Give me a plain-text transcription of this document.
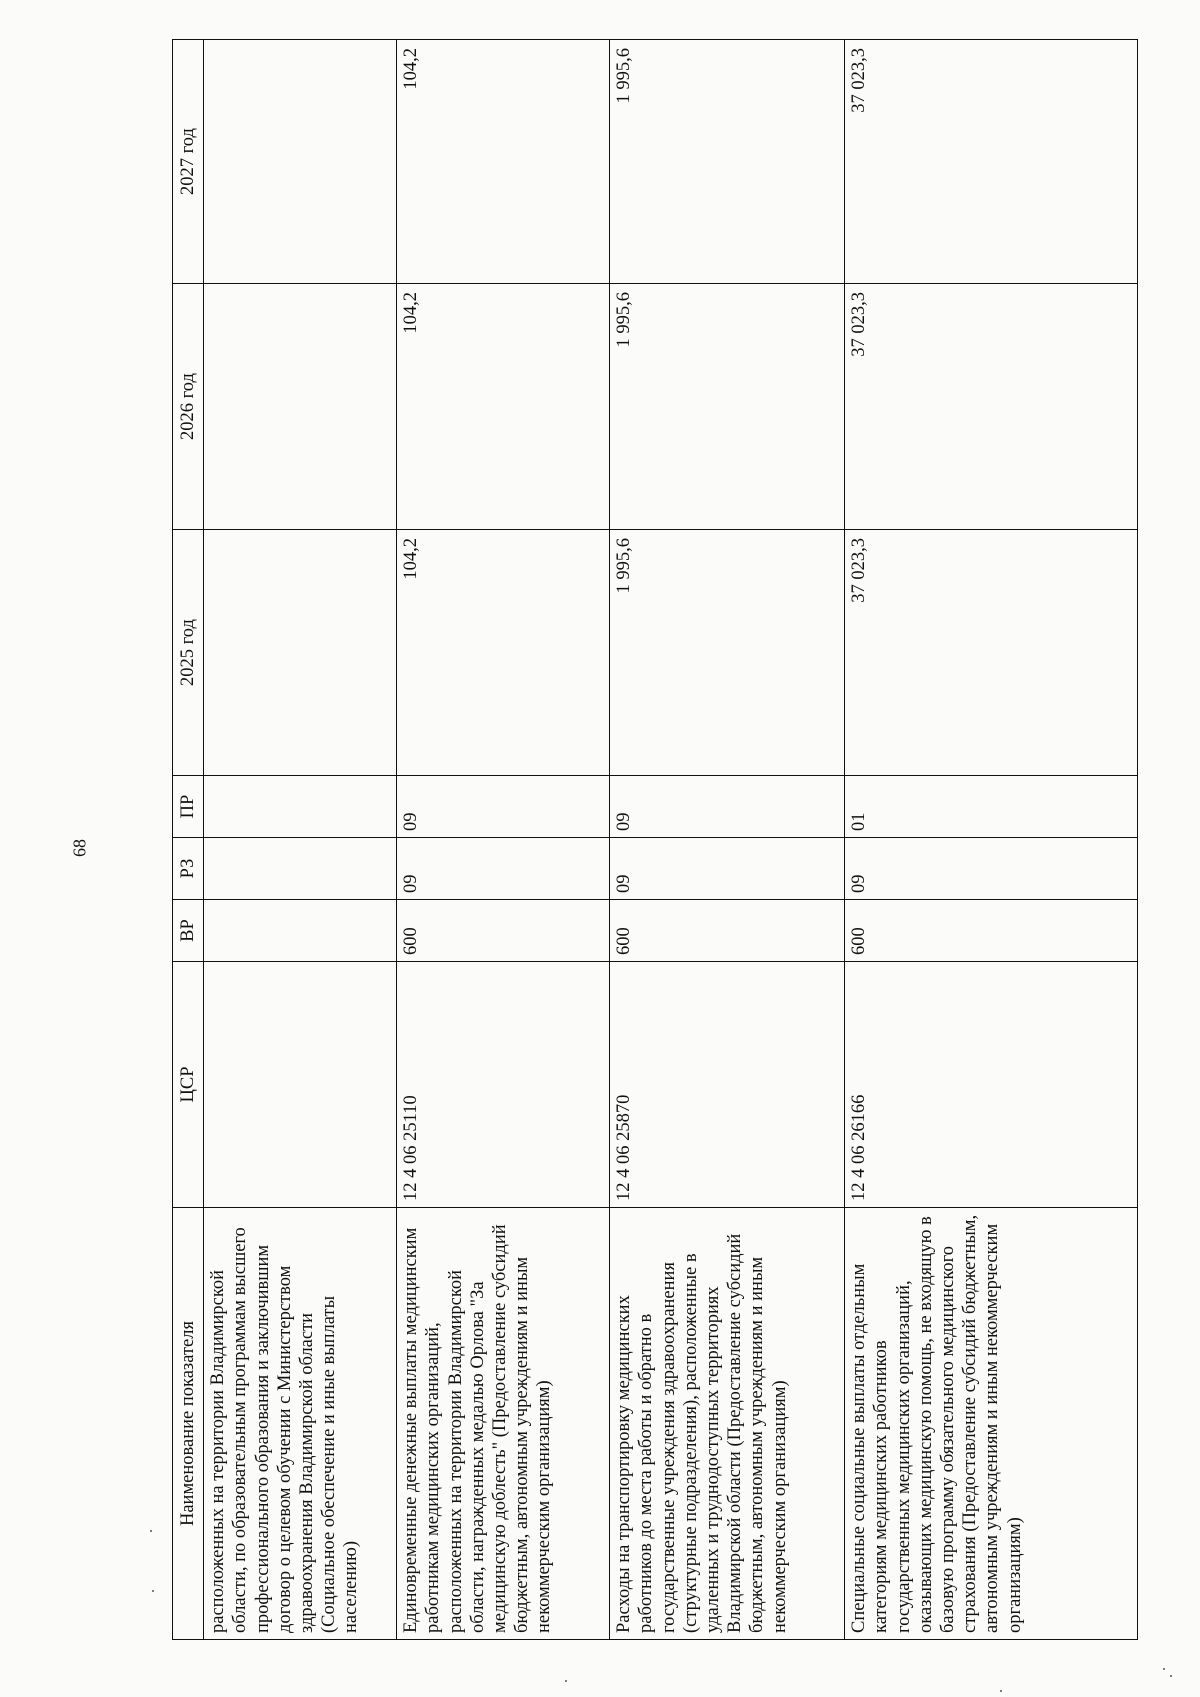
68
Наименование показателя	ЦСР	ВР	РЗ	ПР	2025 год	2026 год	2027 год
расположенных на территории Владимирской области, по образовательным программам высшего профессионального образования и заключившим договор о целевом обучении с Министерством здравоохранения Владимирской области (Социальное обеспечение и иные выплаты населению)							
Единовременные денежные выплаты медицинским работникам медицинских организаций, расположенных на территории Владимирской области, награжденных медалью Орлова "За медицинскую доблесть" (Предоставление субсидий бюджетным, автономным учреждениям и иным некоммерческим организациям)	12 4 06 25110	600	09	09	104,2	104,2	104,2
Расходы на транспортировку медицинских работников до места работы и обратно в государственные учреждения здравоохранения (структурные подразделения), расположенные в удаленных и труднодоступных территориях Владимирской области (Предоставление субсидий бюджетным, автономным учреждениям и иным некоммерческим организациям)	12 4 06 25870	600	09	09	1 995,6	1 995,6	1 995,6
Специальные социальные выплаты отдельным категориям медицинских работников государственных медицинских организаций, оказывающих медицинскую помощь, не входящую в базовую программу обязательного медицинского страхования (Предоставление субсидий бюджетным, автономным учреждениям и иным некоммерческим организациям)	12 4 06 26166	600	09	01	37 023,3	37 023,3	37 023,3
